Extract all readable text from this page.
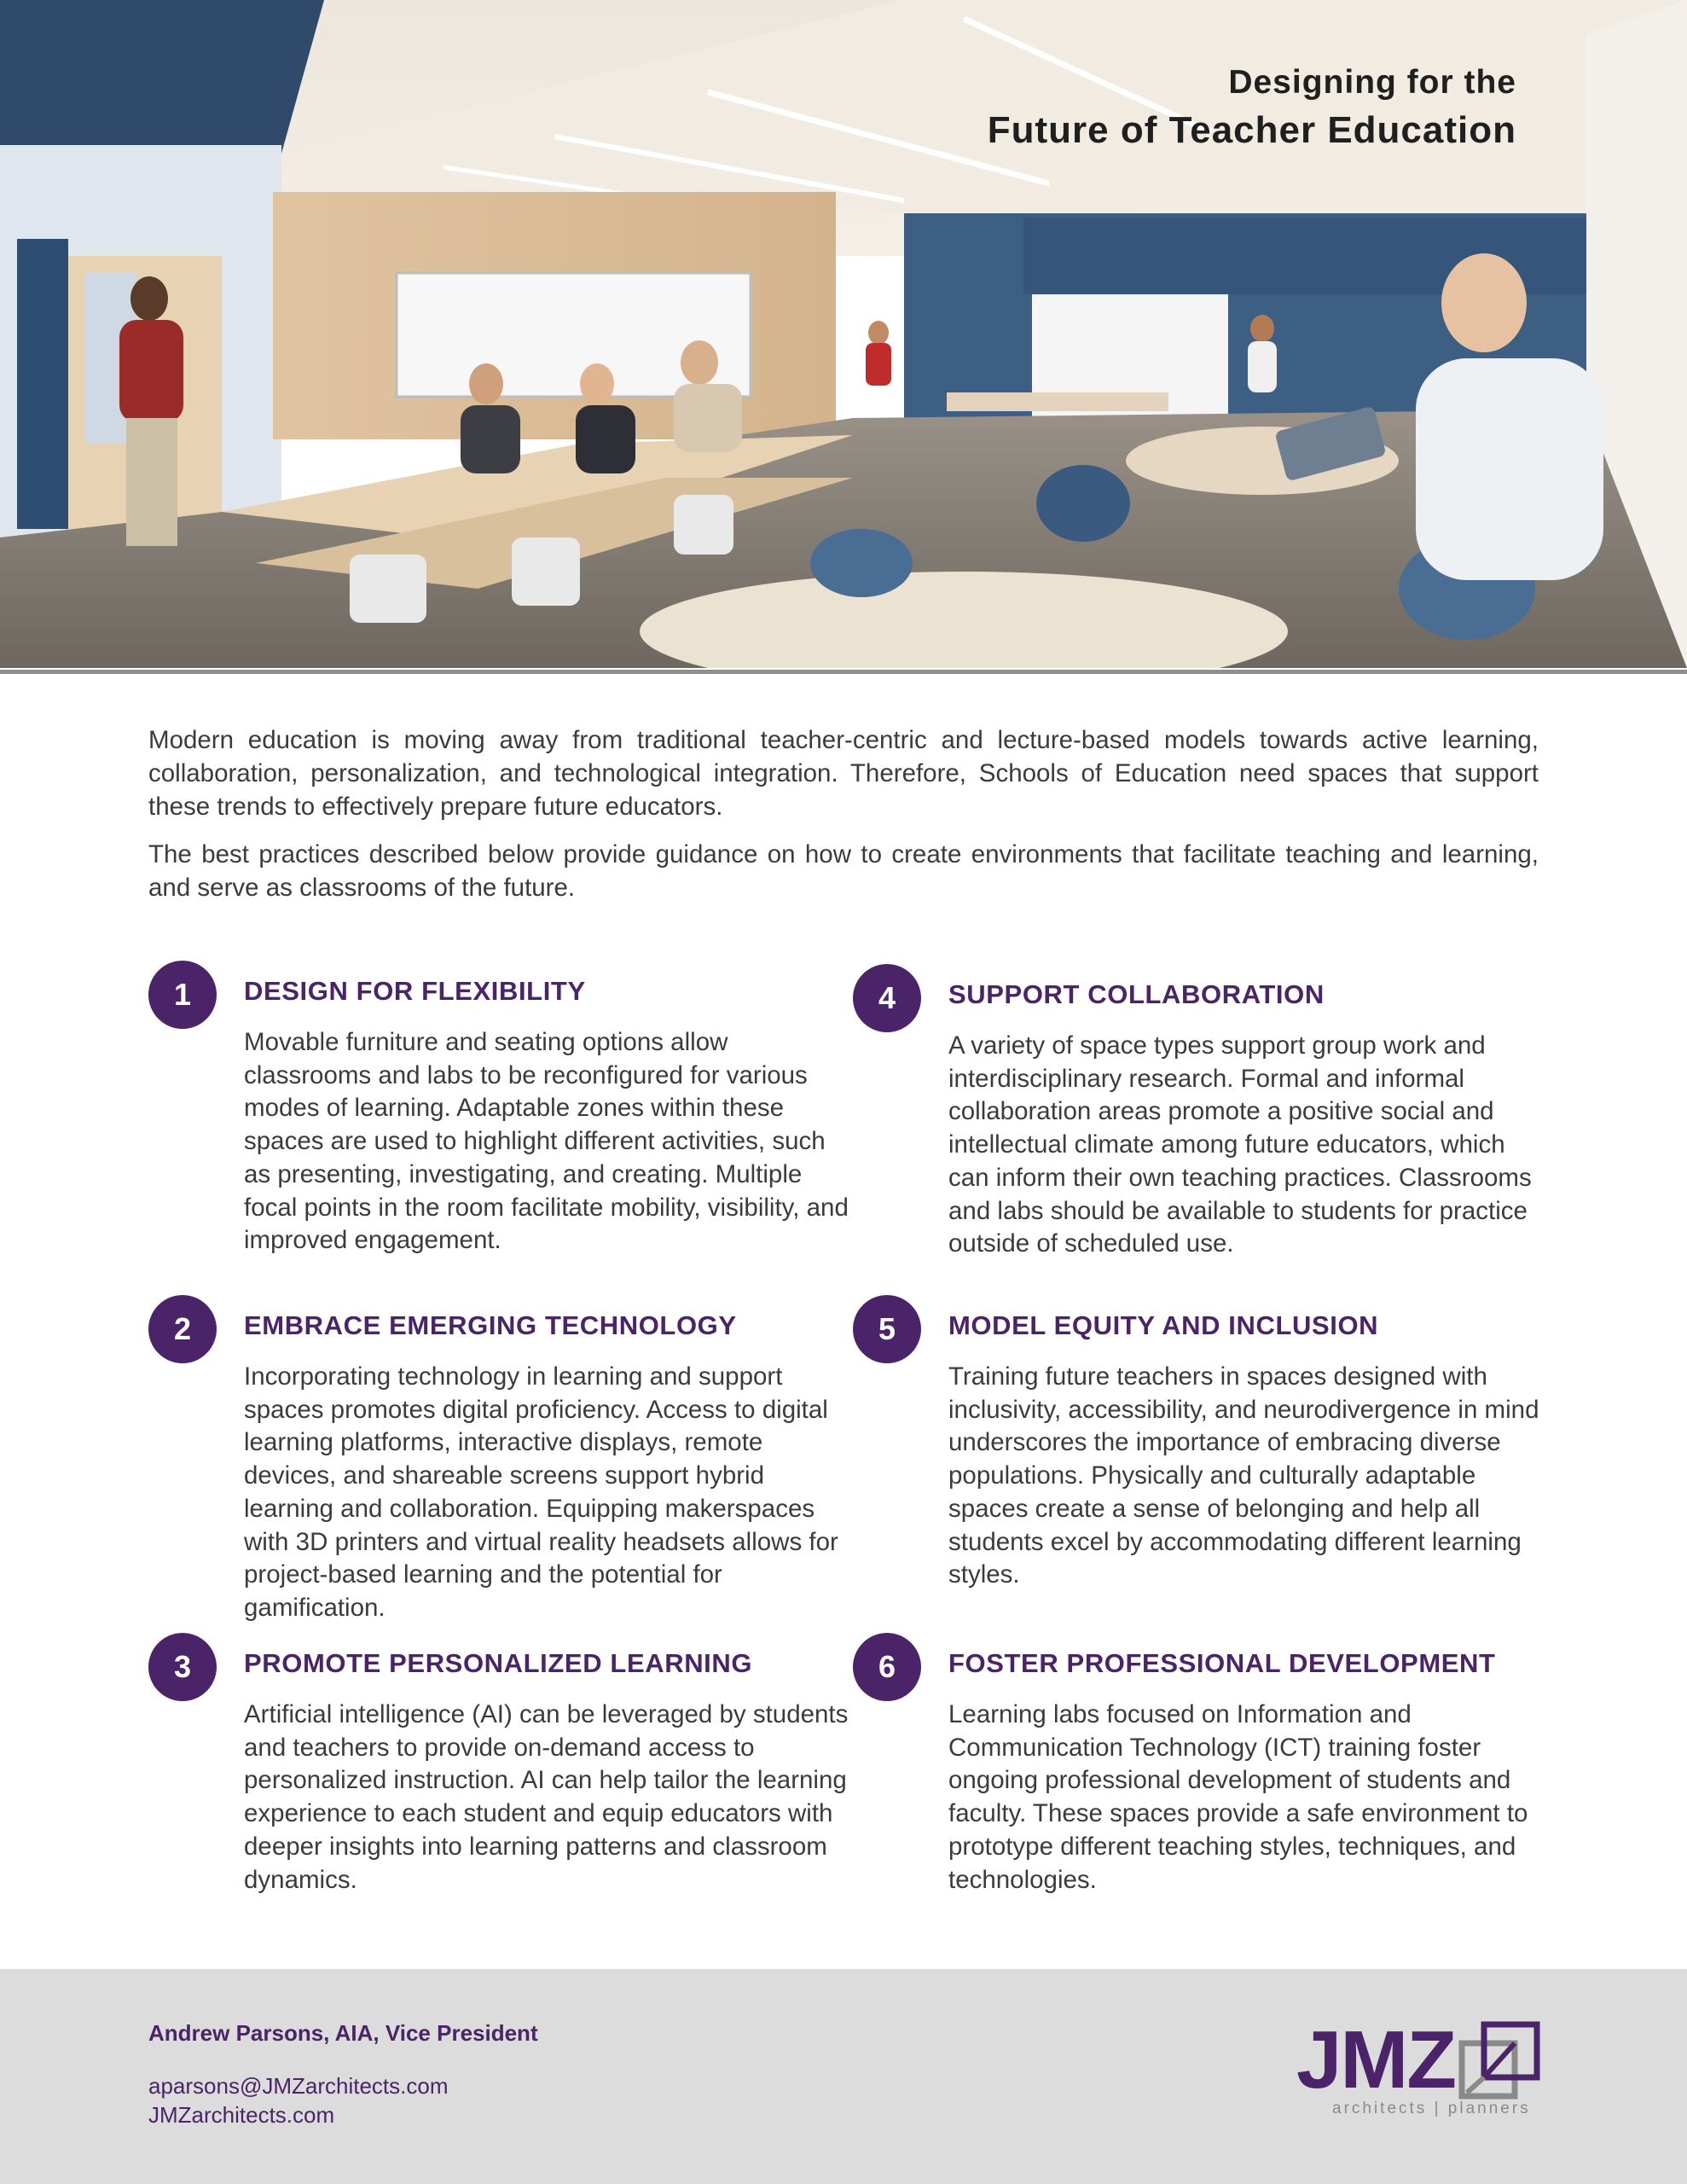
Designing for the
Future of Teacher Education

Modern education is moving away from traditional teacher-centric and lecture-based models towards active learning, collaboration, personalization, and technological integration. Therefore, Schools of Education need spaces that support these trends to effectively prepare future educators.

The best practices described below provide guidance on how to create environments that facilitate teaching and learning, and serve as classrooms of the future.

1	DESIGN FOR FLEXIBILITY

Movable furniture and seating options allow classrooms and labs to be reconfigured for various modes of learning. Adaptable zones within these spaces are used to highlight different activities, such as presenting, investigating, and creating. Multiple focal points in the room facilitate mobility, visibility, and improved engagement.

2	EMBRACE EMERGING TECHNOLOGY

Incorporating technology in learning and support spaces promotes digital proficiency. Access to digital learning platforms, interactive displays, remote devices, and shareable screens support hybrid learning and collaboration. Equipping makerspaces with 3D printers and virtual reality headsets allows for project-based learning and the potential for gamification.

3	PROMOTE PERSONALIZED LEARNING

Artificial intelligence (AI) can be leveraged by students and teachers to provide on-demand access to personalized instruction. AI can help tailor the learning experience to each student and equip educators with deeper insights into learning patterns and classroom dynamics.

4	SUPPORT COLLABORATION

A variety of space types support group work and interdisciplinary research. Formal and informal collaboration areas promote a positive social and intellectual climate among future educators, which can inform their own teaching practices. Classrooms and labs should be available to students for practice outside of scheduled use.

5	MODEL EQUITY AND INCLUSION

Training future teachers in spaces designed with inclusivity, accessibility, and neurodivergence in mind underscores the importance of embracing diverse populations. Physically and culturally adaptable spaces create a sense of belonging and help all students excel by accommodating different learning styles.

6	FOSTER PROFESSIONAL DEVELOPMENT

Learning labs focused on Information and Communication Technology (ICT) training foster ongoing professional development of students and faculty. These spaces provide a safe environment to prototype different teaching styles, techniques, and technologies.

Andrew Parsons, AIA, Vice President
aparsons@JMZarchitects.com
JMZarchitects.com
JMZ
architects | planners
